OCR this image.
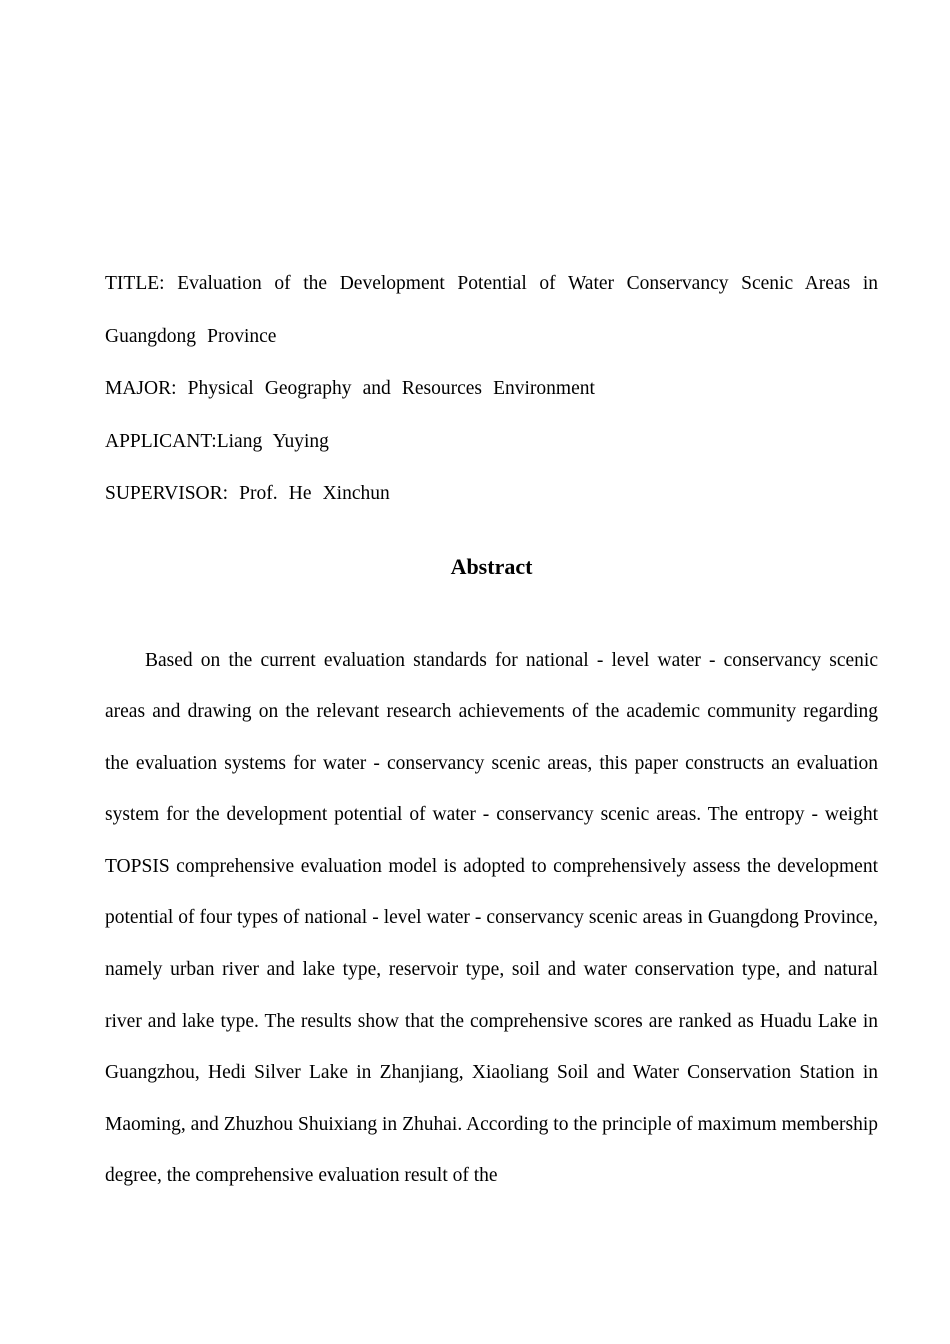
TITLE: Evaluation of the Development Potential of Water Conservancy Scenic Areas in Guangdong Province

MAJOR: Physical Geography and Resources Environment

APPLICANT:Liang Yuying

SUPERVISOR: Prof. He Xinchun

Abstract

Based on the current evaluation standards for national - level water - conservancy scenic areas and drawing on the relevant research achievements of the academic community regarding the evaluation systems for water - conservancy scenic areas, this paper constructs an evaluation system for the development potential of water - conservancy scenic areas. The entropy - weight TOPSIS comprehensive evaluation model is adopted to comprehensively assess the development potential of four types of national - level water - conservancy scenic areas in Guangdong Province, namely urban river and lake type, reservoir type, soil and water conservation type, and natural river and lake type. The results show that the comprehensive scores are ranked as Huadu Lake in Guangzhou, Hedi Silver Lake in Zhanjiang, Xiaoliang Soil and Water Conservation Station in Maoming, and Zhuzhou Shuixiang in Zhuhai. According to the principle of maximum membership degree, the comprehensive evaluation result of the
